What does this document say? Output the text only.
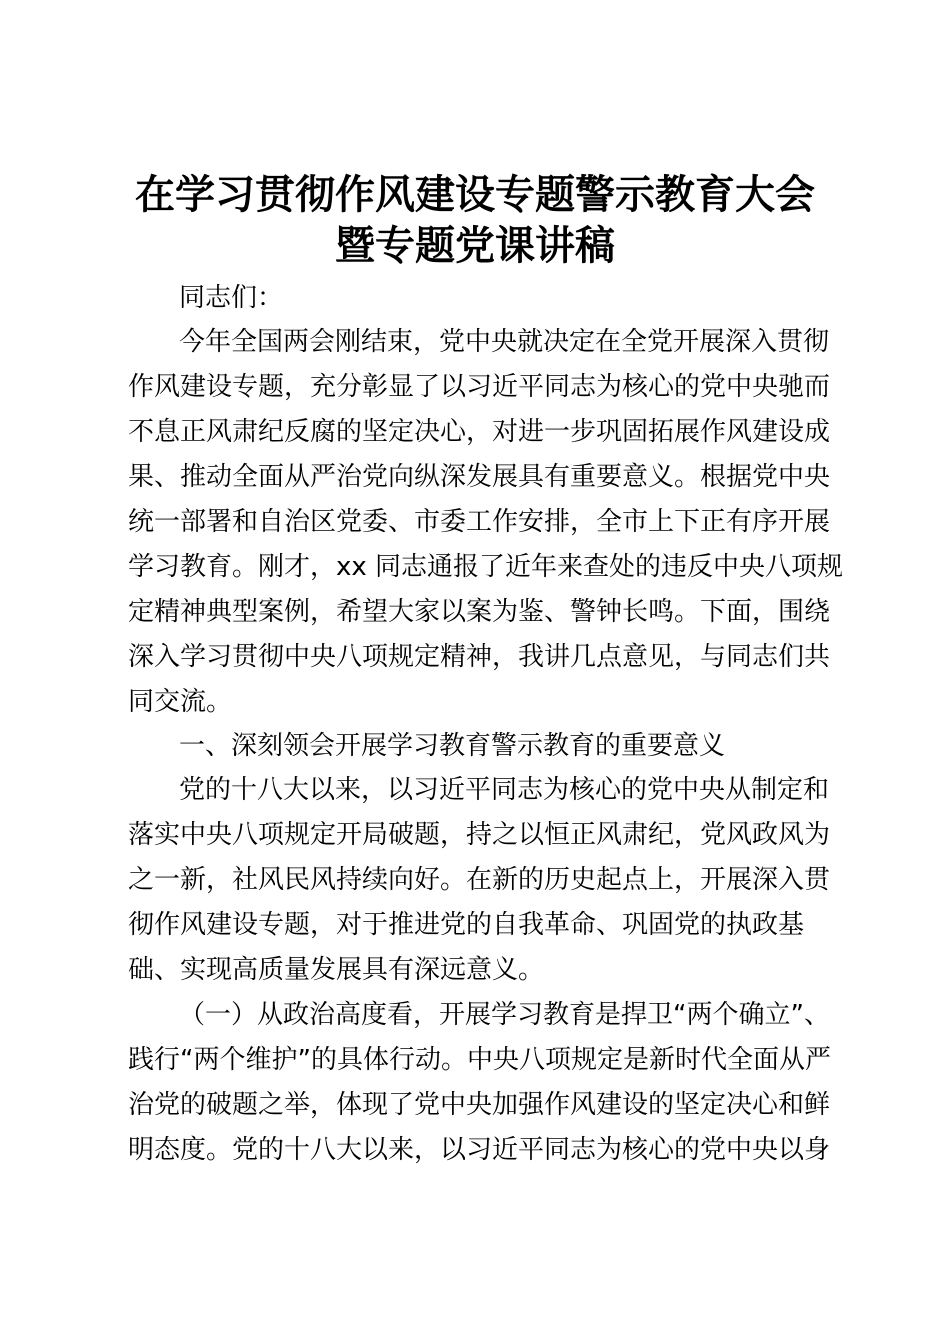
在学习贯彻作风建设专题警示教育大会
暨专题党课讲稿
同志们：
今年全国两会刚结束，党中央就决定在全党开展深入贯彻
作风建设专题，充分彰显了以习近平同志为核心的党中央驰而
不息正风肃纪反腐的坚定决心，对进一步巩固拓展作风建设成
果、推动全面从严治党向纵深发展具有重要意义。根据党中央
统一部署和自治区党委、市委工作安排，全市上下正有序开展
学习教育。刚才，xx 同志通报了近年来查处的违反中央八项规
定精神典型案例，希望大家以案为鉴、警钟长鸣。下面，围绕
深入学习贯彻中央八项规定精神，我讲几点意见，与同志们共
同交流。
一、深刻领会开展学习教育警示教育的重要意义
党的十八大以来，以习近平同志为核心的党中央从制定和
落实中央八项规定开局破题，持之以恒正风肃纪，党风政风为
之一新，社风民风持续向好。在新的历史起点上，开展深入贯
彻作风建设专题，对于推进党的自我革命、巩固党的执政基
础、实现高质量发展具有深远意义。
（一）从政治高度看，开展学习教育是捍卫“两个确立”、
践行“两个维护”的具体行动。中央八项规定是新时代全面从严
治党的破题之举，体现了党中央加强作风建设的坚定决心和鲜
明态度。党的十八大以来，以习近平同志为核心的党中央以身
